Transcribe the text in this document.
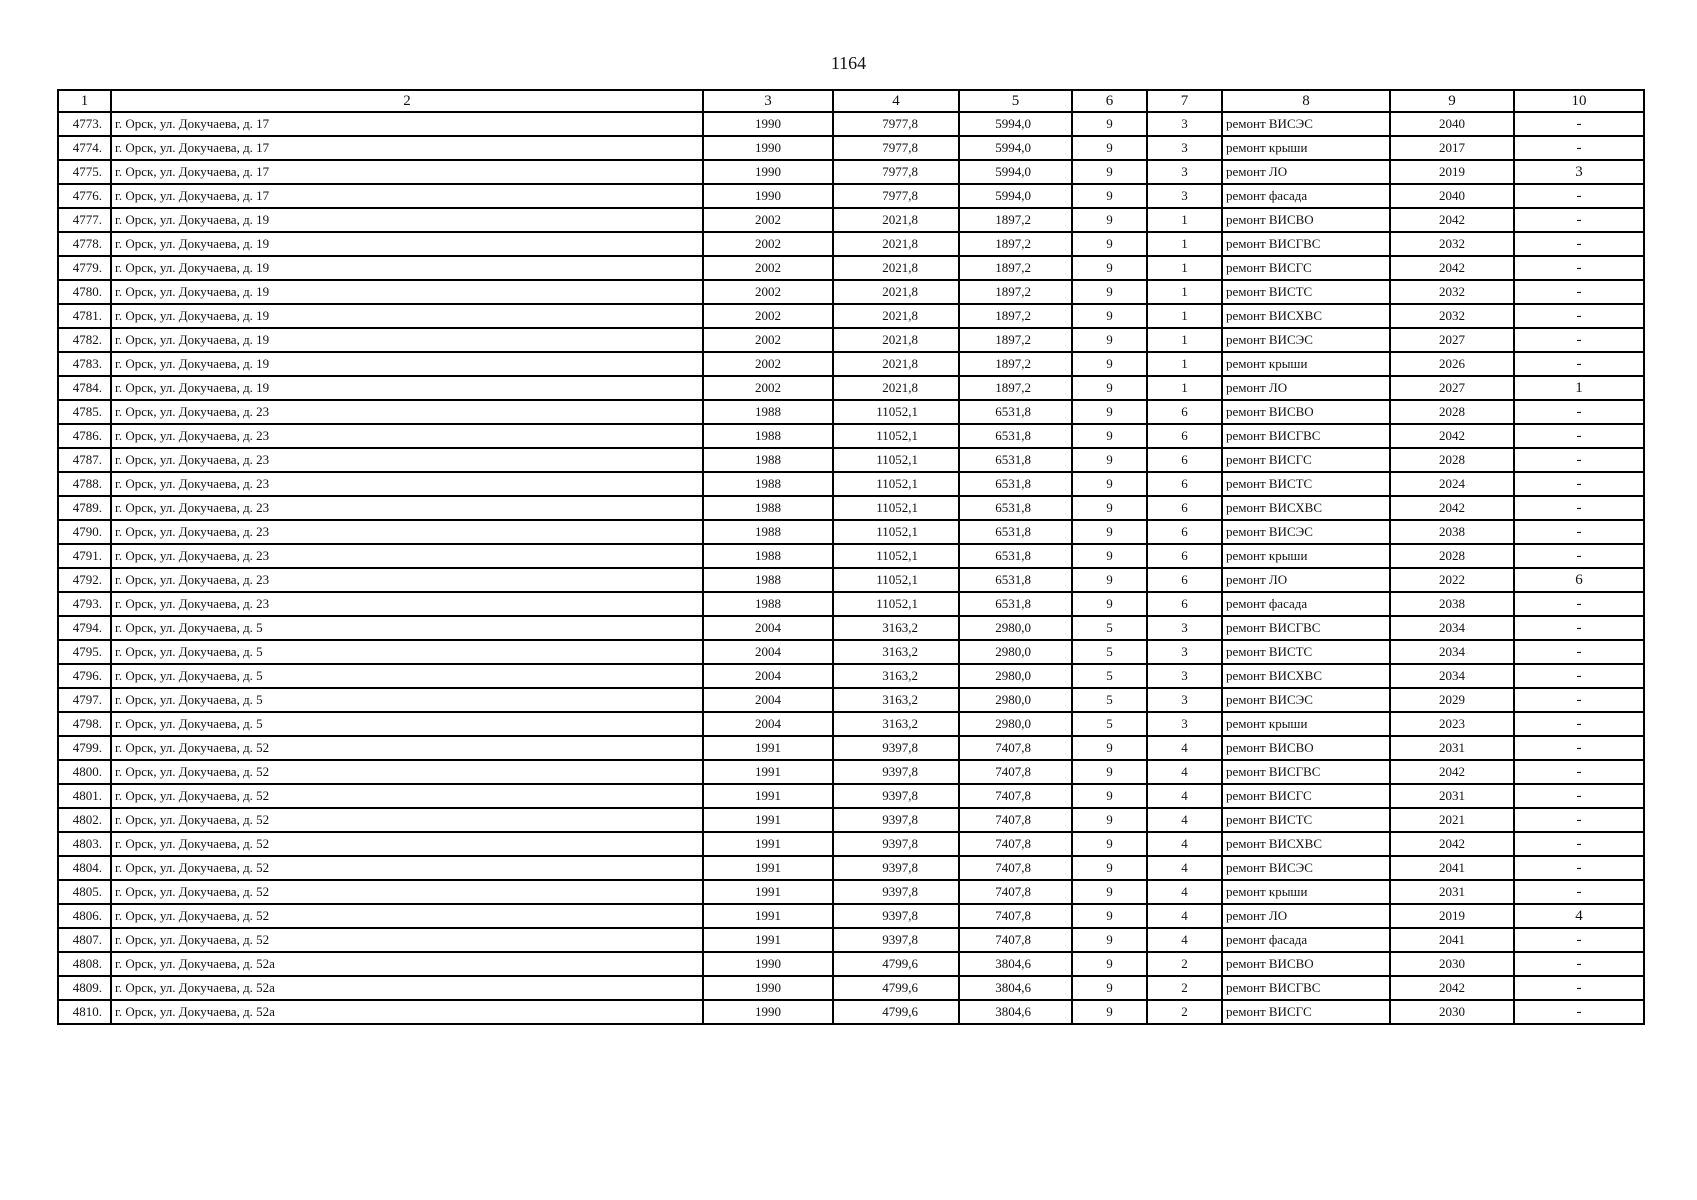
1164
1	2	3	4	5	6	7	8	9	10
4773.	г. Орск, ул. Докучаева, д. 17	1990	7977,8	5994,0	9	3	ремонт ВИСЭС	2040	-
4774.	г. Орск, ул. Докучаева, д. 17	1990	7977,8	5994,0	9	3	ремонт крыши	2017	-
4775.	г. Орск, ул. Докучаева, д. 17	1990	7977,8	5994,0	9	3	ремонт ЛО	2019	3
4776.	г. Орск, ул. Докучаева, д. 17	1990	7977,8	5994,0	9	3	ремонт фасада	2040	-
4777.	г. Орск, ул. Докучаева, д. 19	2002	2021,8	1897,2	9	1	ремонт ВИСВО	2042	-
4778.	г. Орск, ул. Докучаева, д. 19	2002	2021,8	1897,2	9	1	ремонт ВИСГВС	2032	-
4779.	г. Орск, ул. Докучаева, д. 19	2002	2021,8	1897,2	9	1	ремонт ВИСГС	2042	-
4780.	г. Орск, ул. Докучаева, д. 19	2002	2021,8	1897,2	9	1	ремонт ВИСТС	2032	-
4781.	г. Орск, ул. Докучаева, д. 19	2002	2021,8	1897,2	9	1	ремонт ВИСХВС	2032	-
4782.	г. Орск, ул. Докучаева, д. 19	2002	2021,8	1897,2	9	1	ремонт ВИСЭС	2027	-
4783.	г. Орск, ул. Докучаева, д. 19	2002	2021,8	1897,2	9	1	ремонт крыши	2026	-
4784.	г. Орск, ул. Докучаева, д. 19	2002	2021,8	1897,2	9	1	ремонт ЛО	2027	1
4785.	г. Орск, ул. Докучаева, д. 23	1988	11052,1	6531,8	9	6	ремонт ВИСВО	2028	-
4786.	г. Орск, ул. Докучаева, д. 23	1988	11052,1	6531,8	9	6	ремонт ВИСГВС	2042	-
4787.	г. Орск, ул. Докучаева, д. 23	1988	11052,1	6531,8	9	6	ремонт ВИСГС	2028	-
4788.	г. Орск, ул. Докучаева, д. 23	1988	11052,1	6531,8	9	6	ремонт ВИСТС	2024	-
4789.	г. Орск, ул. Докучаева, д. 23	1988	11052,1	6531,8	9	6	ремонт ВИСХВС	2042	-
4790.	г. Орск, ул. Докучаева, д. 23	1988	11052,1	6531,8	9	6	ремонт ВИСЭС	2038	-
4791.	г. Орск, ул. Докучаева, д. 23	1988	11052,1	6531,8	9	6	ремонт крыши	2028	-
4792.	г. Орск, ул. Докучаева, д. 23	1988	11052,1	6531,8	9	6	ремонт ЛО	2022	6
4793.	г. Орск, ул. Докучаева, д. 23	1988	11052,1	6531,8	9	6	ремонт фасада	2038	-
4794.	г. Орск, ул. Докучаева, д. 5	2004	3163,2	2980,0	5	3	ремонт ВИСГВС	2034	-
4795.	г. Орск, ул. Докучаева, д. 5	2004	3163,2	2980,0	5	3	ремонт ВИСТС	2034	-
4796.	г. Орск, ул. Докучаева, д. 5	2004	3163,2	2980,0	5	3	ремонт ВИСХВС	2034	-
4797.	г. Орск, ул. Докучаева, д. 5	2004	3163,2	2980,0	5	3	ремонт ВИСЭС	2029	-
4798.	г. Орск, ул. Докучаева, д. 5	2004	3163,2	2980,0	5	3	ремонт крыши	2023	-
4799.	г. Орск, ул. Докучаева, д. 52	1991	9397,8	7407,8	9	4	ремонт ВИСВО	2031	-
4800.	г. Орск, ул. Докучаева, д. 52	1991	9397,8	7407,8	9	4	ремонт ВИСГВС	2042	-
4801.	г. Орск, ул. Докучаева, д. 52	1991	9397,8	7407,8	9	4	ремонт ВИСГС	2031	-
4802.	г. Орск, ул. Докучаева, д. 52	1991	9397,8	7407,8	9	4	ремонт ВИСТС	2021	-
4803.	г. Орск, ул. Докучаева, д. 52	1991	9397,8	7407,8	9	4	ремонт ВИСХВС	2042	-
4804.	г. Орск, ул. Докучаева, д. 52	1991	9397,8	7407,8	9	4	ремонт ВИСЭС	2041	-
4805.	г. Орск, ул. Докучаева, д. 52	1991	9397,8	7407,8	9	4	ремонт крыши	2031	-
4806.	г. Орск, ул. Докучаева, д. 52	1991	9397,8	7407,8	9	4	ремонт ЛО	2019	4
4807.	г. Орск, ул. Докучаева, д. 52	1991	9397,8	7407,8	9	4	ремонт фасада	2041	-
4808.	г. Орск, ул. Докучаева, д. 52а	1990	4799,6	3804,6	9	2	ремонт ВИСВО	2030	-
4809.	г. Орск, ул. Докучаева, д. 52а	1990	4799,6	3804,6	9	2	ремонт ВИСГВС	2042	-
4810.	г. Орск, ул. Докучаева, д. 52а	1990	4799,6	3804,6	9	2	ремонт ВИСГС	2030	-
